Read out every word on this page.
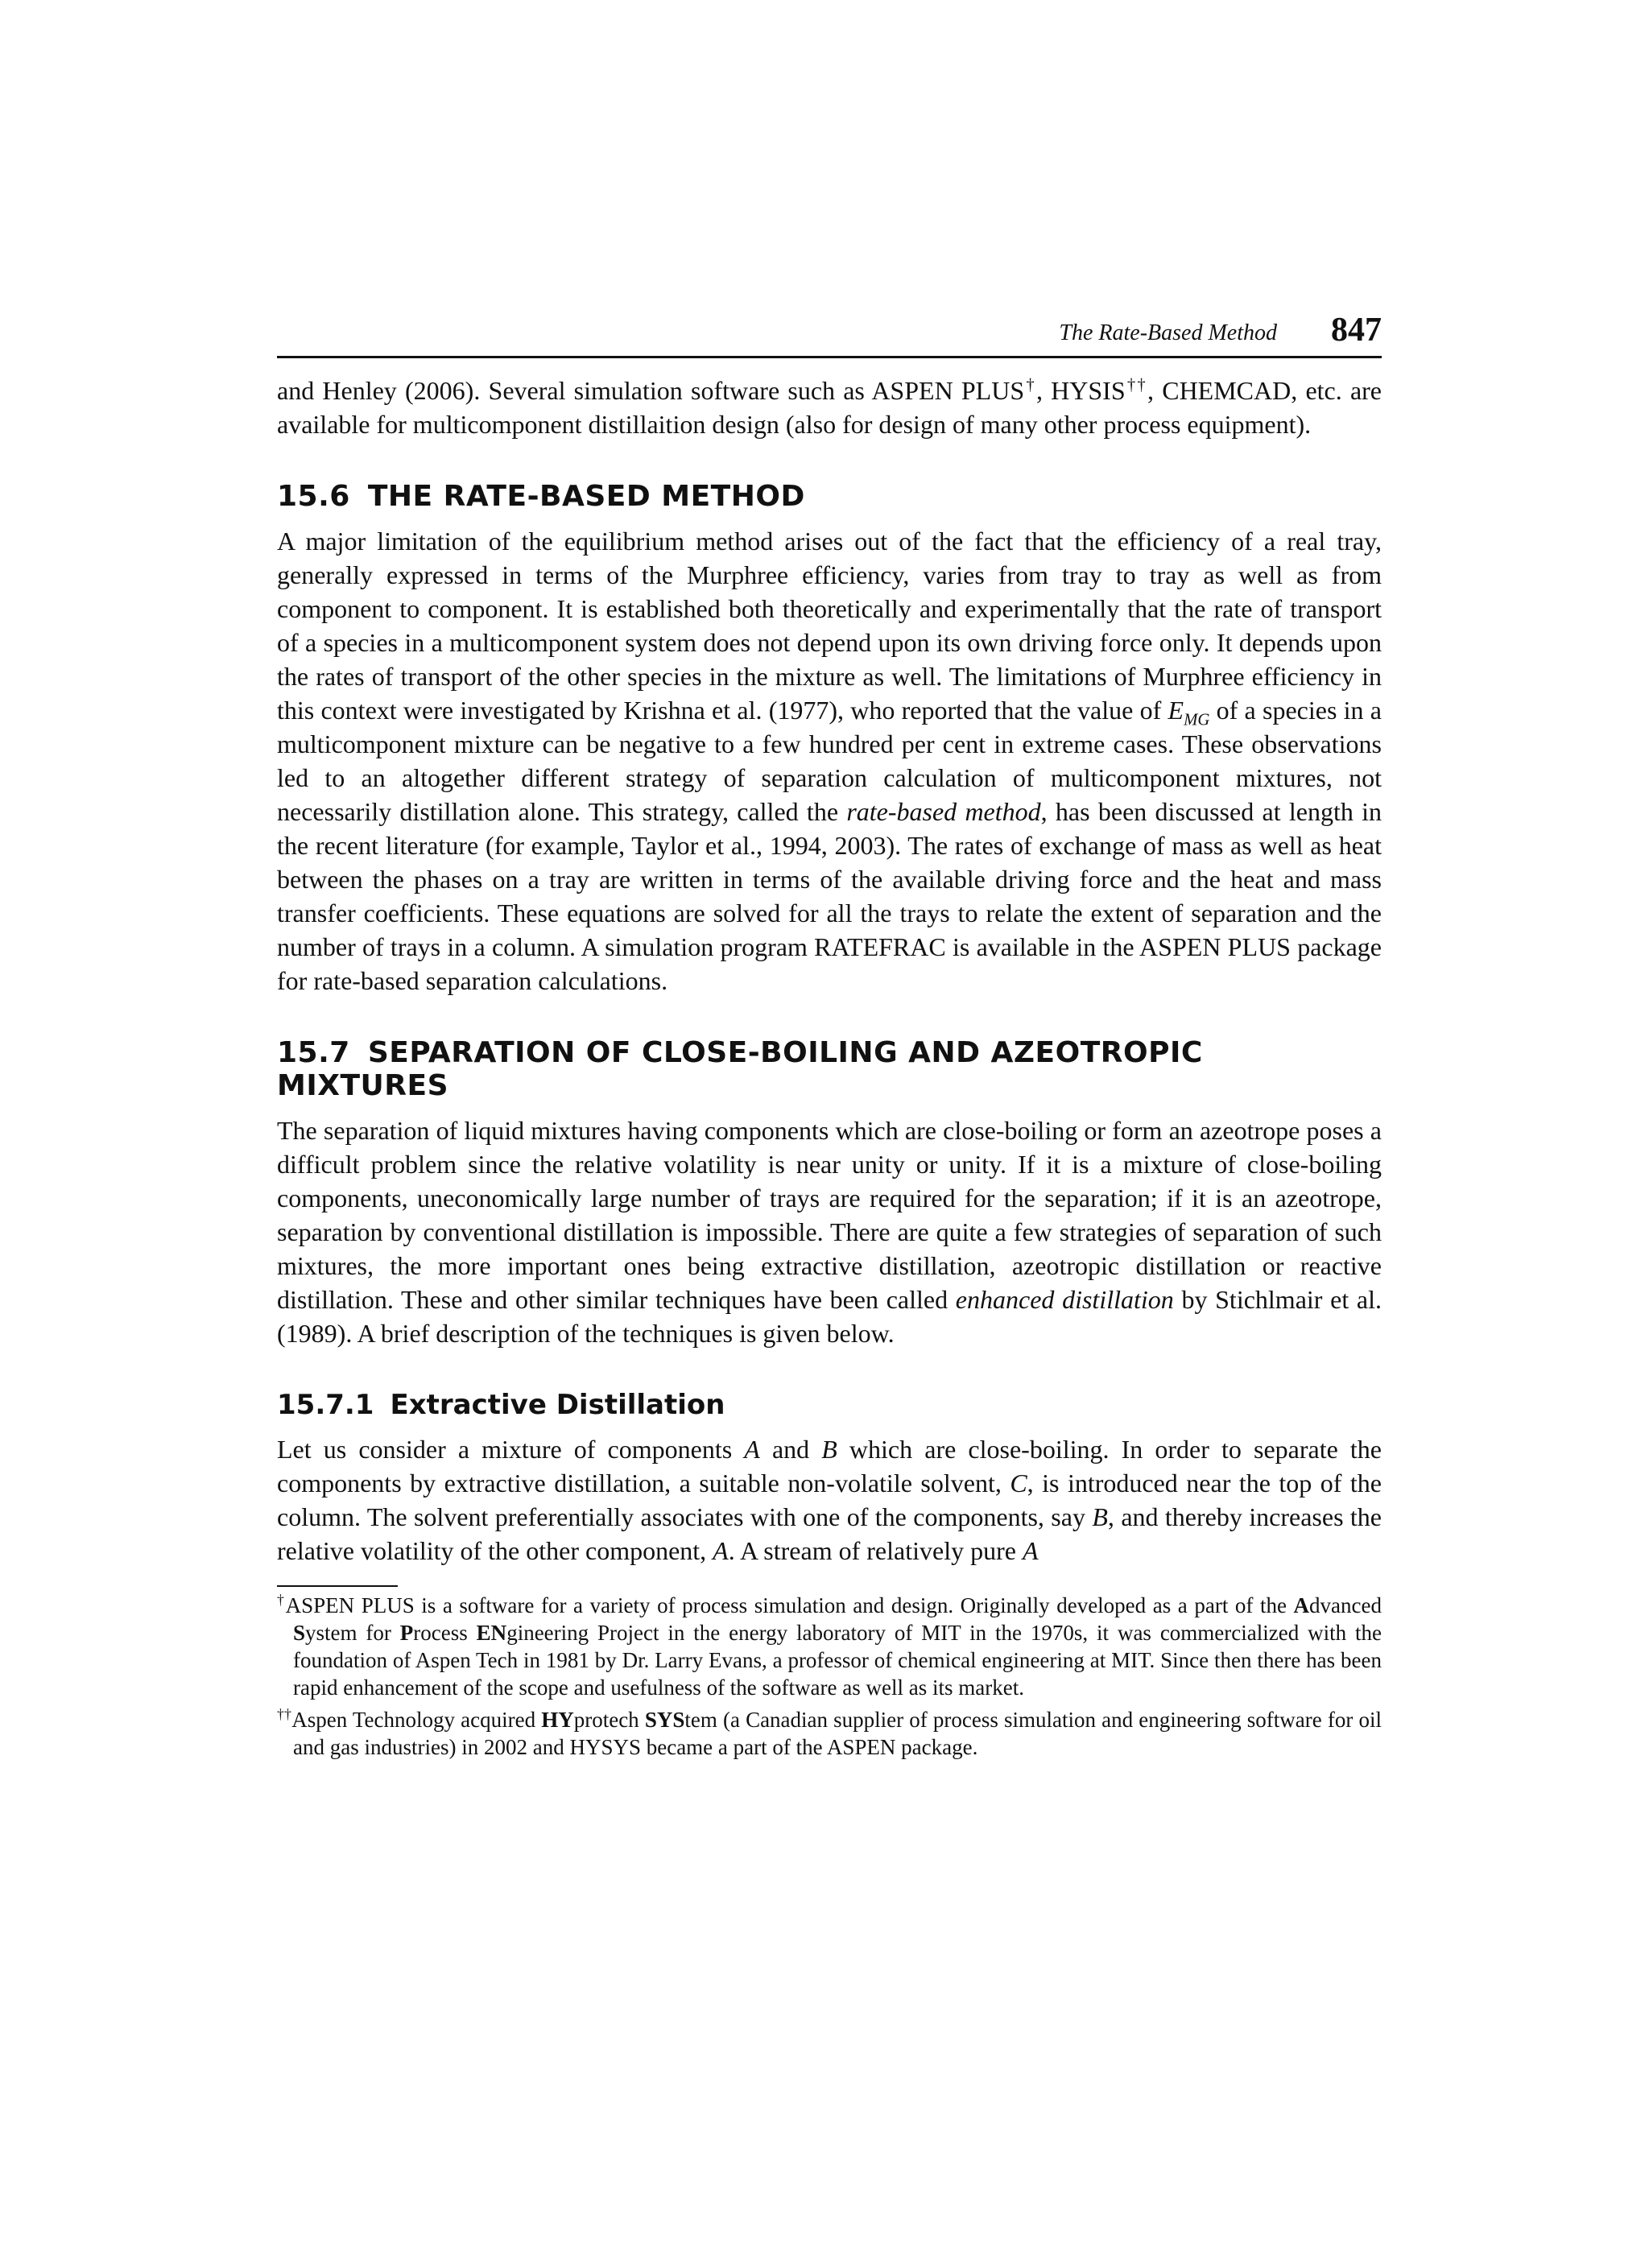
The Rate-Based Method 847

and Henley (2006). Several simulation software such as ASPEN PLUS†, HYSIS††, CHEMCAD, etc. are available for multicomponent distillaition design (also for design of many other process equipment).

15.6 THE RATE-BASED METHOD

A major limitation of the equilibrium method arises out of the fact that the efficiency of a real tray, generally expressed in terms of the Murphree efficiency, varies from tray to tray as well as from component to component. It is established both theoretically and experimentally that the rate of transport of a species in a multicomponent system does not depend upon its own driving force only. It depends upon the rates of transport of the other species in the mixture as well. The limitations of Murphree efficiency in this context were investigated by Krishna et al. (1977), who reported that the value of $E_{MG}$ of a species in a multicomponent mixture can be negative to a few hundred per cent in extreme cases. These observations led to an altogether different strategy of separation calculation of multicomponent mixtures, not necessarily distillation alone. This strategy, called the rate-based method, has been discussed at length in the recent literature (for example, Taylor et al., 1994, 2003). The rates of exchange of mass as well as heat between the phases on a tray are written in terms of the available driving force and the heat and mass transfer coefficients. These equations are solved for all the trays to relate the extent of separation and the number of trays in a column. A simulation program RATEFRAC is available in the ASPEN PLUS package for rate-based separation calculations.

15.7 SEPARATION OF CLOSE-BOILING AND AZEOTROPIC MIXTURES

The separation of liquid mixtures having components which are close-boiling or form an azeotrope poses a difficult problem since the relative volatility is near unity or unity. If it is a mixture of close-boiling components, uneconomically large number of trays are required for the separation; if it is an azeotrope, separation by conventional distillation is impossible. There are quite a few strategies of separation of such mixtures, the more important ones being extractive distillation, azeotropic distillation or reactive distillation. These and other similar techniques have been called enhanced distillation by Stichlmair et al. (1989). A brief description of the techniques is given below.

15.7.1 Extractive Distillation

Let us consider a mixture of components A and B which are close-boiling. In order to separate the components by extractive distillation, a suitable non-volatile solvent, C, is introduced near the top of the column. The solvent preferentially associates with one of the components, say B, and thereby increases the relative volatility of the other component, A. A stream of relatively pure A

†ASPEN PLUS is a software for a variety of process simulation and design. Originally developed as a part of the Advanced System for Process ENgineering Project in the energy laboratory of MIT in the 1970s, it was commercialized with the foundation of Aspen Tech in 1981 by Dr. Larry Evans, a professor of chemical engineering at MIT. Since then there has been rapid enhancement of the scope and usefulness of the software as well as its market.

††Aspen Technology acquired HYprotech SYStem (a Canadian supplier of process simulation and engineering software for oil and gas industries) in 2002 and HYSYS became a part of the ASPEN package.
